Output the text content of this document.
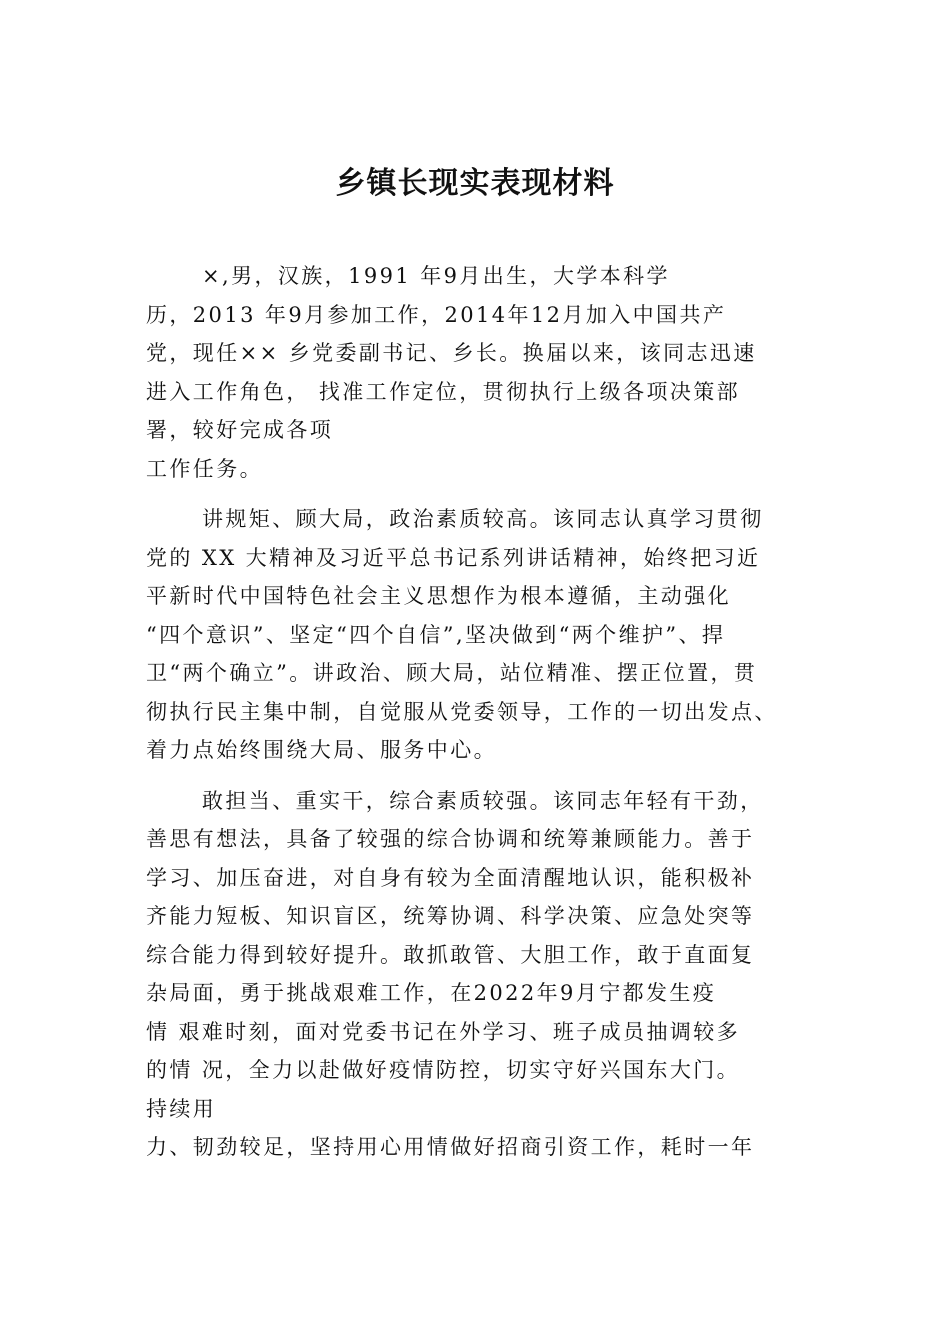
乡镇长现实表现材料

×,男，汉族，1991 年9月出生，大学本科学
历，2013 年9月参加工作，2014年12月加入中国共产
党，现任×× 乡党委副书记、乡长。换届以来，该同志迅速
进入工作角色， 找准工作定位，贯彻执行上级各项决策部
署，较好完成各项
工作任务。

讲规矩、顾大局，政治素质较高。该同志认真学习贯彻
党的 XX 大精神及习近平总书记系列讲话精神，始终把习近
平新时代中国特色社会主义思想作为根本遵循，主动强化
“四个意识”、坚定“四个自信”,坚决做到“两个维护”、捍
卫“两个确立”。讲政治、顾大局，站位精准、摆正位置，贯
彻执行民主集中制，自觉服从党委领导，工作的一切出发点、
着力点始终围绕大局、服务中心。

敢担当、重实干，综合素质较强。该同志年轻有干劲，
善思有想法，具备了较强的综合协调和统筹兼顾能力。善于
学习、加压奋进，对自身有较为全面清醒地认识，能积极补
齐能力短板、知识盲区，统筹协调、科学决策、应急处突等
综合能力得到较好提升。敢抓敢管、大胆工作，敢于直面复
杂局面，勇于挑战艰难工作，在2022年9月宁都发生疫
情 艰难时刻，面对党委书记在外学习、班子成员抽调较多
的情 况，全力以赴做好疫情防控，切实守好兴国东大门。
持续用
力、韧劲较足，坚持用心用情做好招商引资工作，耗时一年
